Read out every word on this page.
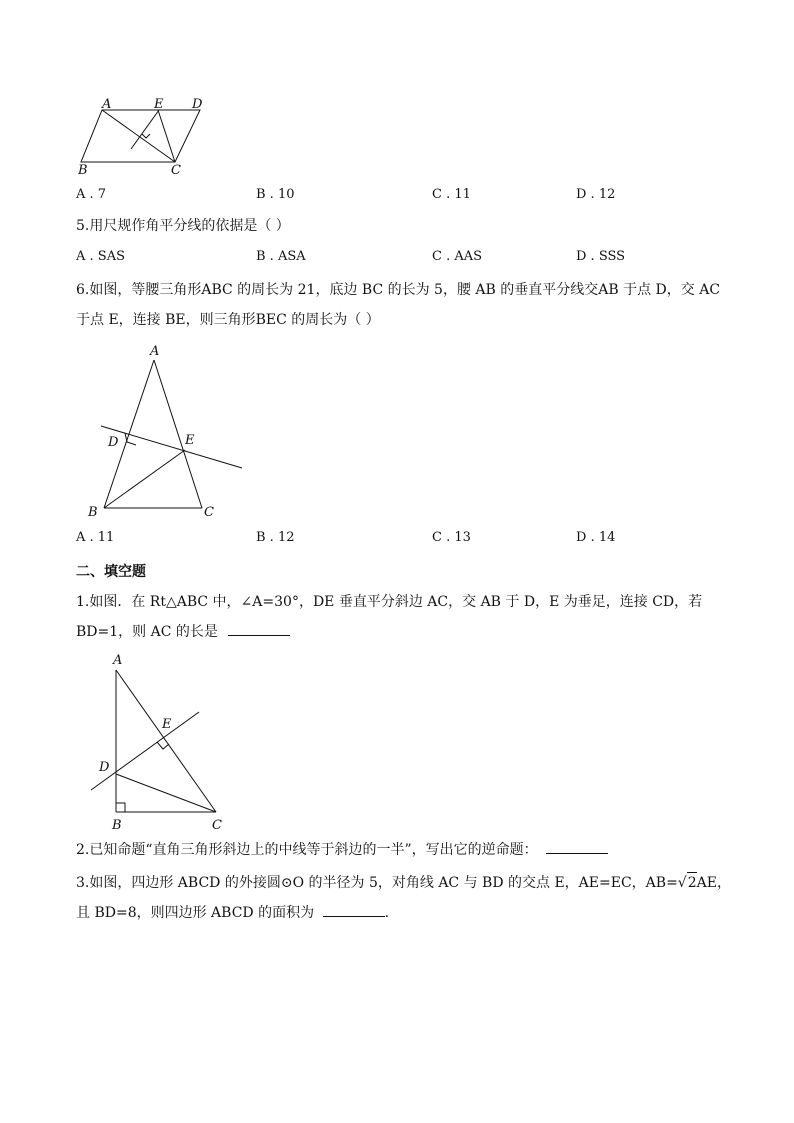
A	E D
B	C
A . 7	B . 10	C . 11	D . 12
5.用尺规作角平分线的依据是（ ）
A . SAS	B . ASA	C . AAS	D . SSS
6.如图，等腰三角形ABC 的周长为 21，底边 BC 的长为 5，腰 AB 的垂直平分线交AB 于点 D，交 AC
于点 E，连接 BE，则三角形BEC 的周长为（ ）
A
D	E
B	C
A . 11	B . 12	C . 13	D . 14
二、填空题
1.如图．在 Rt△ABC 中，∠A=30°，DE 垂直平分斜边 AC，交 AB 于 D，E 为垂足，连接 CD，若
BD=1，则 AC 的长是
A
E
D
B	C
2.已知命题“直角三角形斜边上的中线等于斜边的一半”，写出它的逆命题：
3.如图，四边形 ABCD 的外接圆⊙O 的半径为 5，对角线 AC 与 BD 的交点 E，AE=EC，AB=√2AE，
且 BD=8，则四边形 ABCD 的面积为	.
